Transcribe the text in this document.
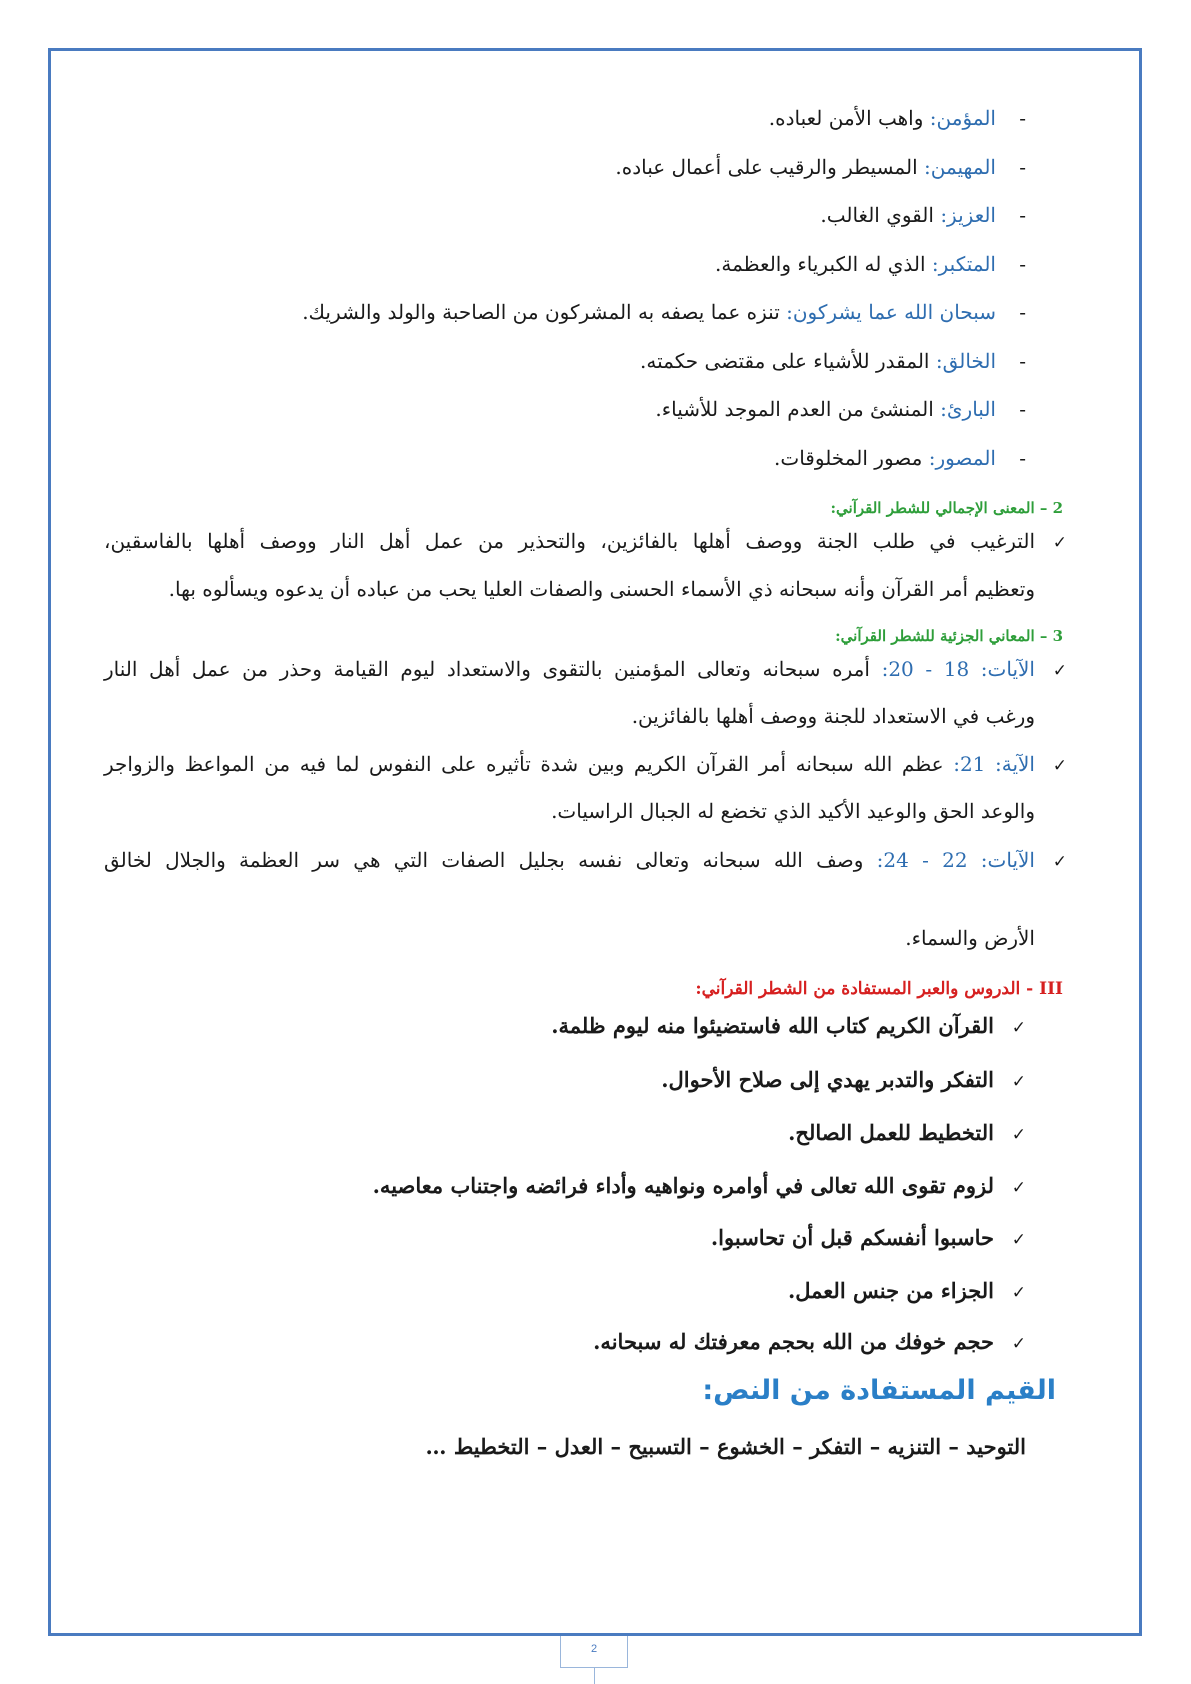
-المؤمن: واهب الأمن لعباده.
-المهيمن: المسيطر والرقيب على أعمال عباده.
-العزيز: القوي الغالب.
-المتكبر: الذي له الكبرياء والعظمة.
-سبحان الله عما يشركون: تنزه عما يصفه به المشركون من الصاحبة والولد والشريك.
-الخالق: المقدر للأشياء على مقتضى حكمته.
-البارئ: المنشئ من العدم الموجد للأشياء.
-المصور: مصور المخلوقات.
2 – المعنى الإجمالي للشطر القرآني:
✓الترغيب في طلب الجنة ووصف أهلها بالفائزين، والتحذير من عمل أهل النار ووصف أهلها بالفاسقين،
وتعظيم أمر القرآن وأنه سبحانه ذي الأسماء الحسنى والصفات العليا يحب من عباده أن يدعوه ويسألوه بها.
3 – المعاني الجزئية للشطر القرآني:
✓الآيات: 18 - 20: أمره سبحانه وتعالى المؤمنين بالتقوى والاستعداد ليوم القيامة وحذر من عمل أهل النار
ورغب في الاستعداد للجنة ووصف أهلها بالفائزين.
✓الآية: 21: عظم الله سبحانه أمر القرآن الكريم وبين شدة تأثيره على النفوس لما فيه من المواعظ والزواجر
والوعد الحق والوعيد الأكيد الذي تخضع له الجبال الراسيات.
✓الآيات: 22 - 24: وصف الله سبحانه وتعالى نفسه بجليل الصفات التي هي سر العظمة والجلال لخالق
الأرض والسماء.
III - الدروس والعبر المستفادة من الشطر القرآني:
✓القرآن الكريم كتاب الله فاستضيئوا منه ليوم ظلمة.
✓التفكر والتدبر يهدي إلى صلاح الأحوال.
✓التخطيط للعمل الصالح.
✓لزوم تقوى الله تعالى في أوامره ونواهيه وأداء فرائضه واجتناب معاصيه.
✓حاسبوا أنفسكم قبل أن تحاسبوا.
✓الجزاء من جنس العمل.
✓حجم خوفك من الله بحجم معرفتك له سبحانه.
القيم المستفادة من النص:
التوحيد – التنزيه – التفكر – الخشوع – التسبيح – العدل – التخطيط …
2
